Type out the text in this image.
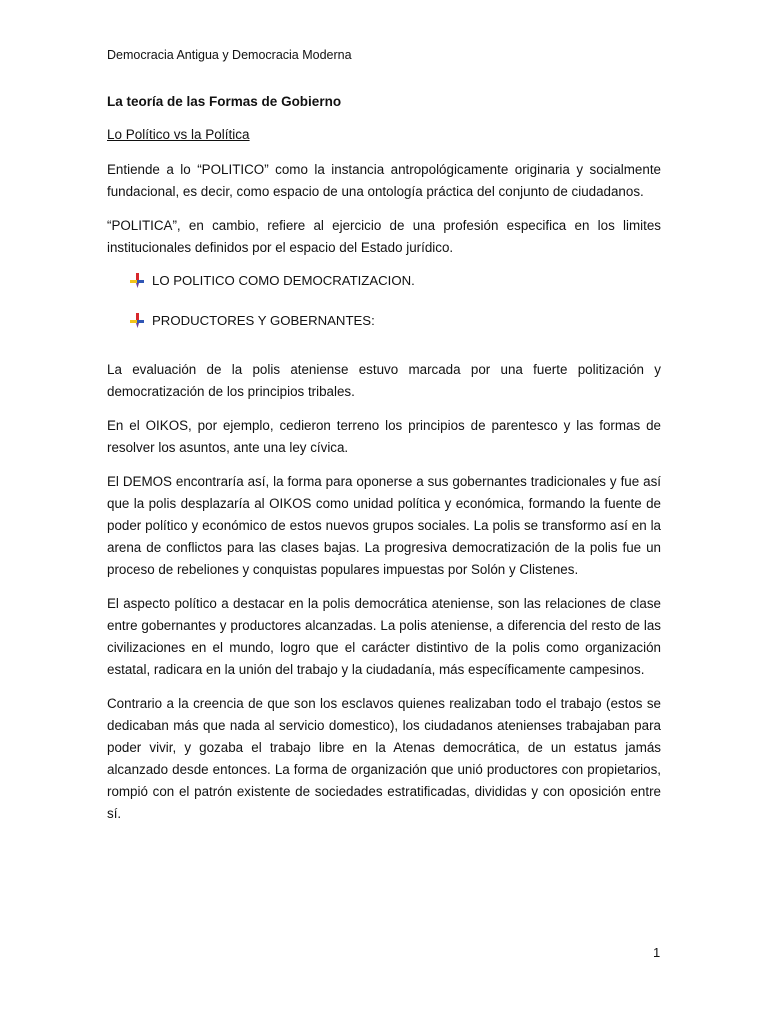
Democracia Antigua y Democracia Moderna
La teoría de las Formas de Gobierno
Lo Político vs la Política

Entiende a lo “POLITICO” como la instancia antropológicamente originaria y socialmente fundacional, es decir, como espacio de una ontología práctica del conjunto de ciudadanos.

“POLITICA”, en cambio, refiere al ejercicio de una profesión especifica en los limites institucionales definidos por el espacio del Estado jurídico.

LO POLITICO COMO DEMOCRATIZACION.
PRODUCTORES Y GOBERNANTES:

La evaluación de la polis ateniense estuvo marcada por una fuerte politización y democratización de los principios tribales.

En el OIKOS, por ejemplo, cedieron terreno los principios de parentesco y las formas de resolver los asuntos, ante una ley cívica.

El DEMOS encontraría así, la forma para oponerse a sus gobernantes tradicionales y fue así que la polis desplazaría al OIKOS como unidad política y económica, formando la fuente de poder político y económico de estos nuevos grupos sociales. La polis se transformo así en la arena de conflictos para las clases bajas. La progresiva democratización de la polis fue un proceso de rebeliones y conquistas populares impuestas por Solón y Clistenes.

El aspecto político a destacar en la polis democrática ateniense, son las relaciones de clase entre gobernantes y productores alcanzadas. La polis ateniense, a diferencia del resto de las civilizaciones en el mundo, logro que el carácter distintivo de la polis como organización estatal, radicara en la unión del trabajo y la ciudadanía, más específicamente campesinos.

Contrario a la creencia de que son los esclavos quienes realizaban todo el trabajo (estos se dedicaban más que nada al servicio domestico), los ciudadanos atenienses trabajaban para poder vivir, y gozaba el trabajo libre en la Atenas democrática, de un estatus jamás alcanzado desde entonces. La forma de organización que unió productores con propietarios, rompió con el patrón existente de sociedades estratificadas, divididas y con oposición entre sí.

1
